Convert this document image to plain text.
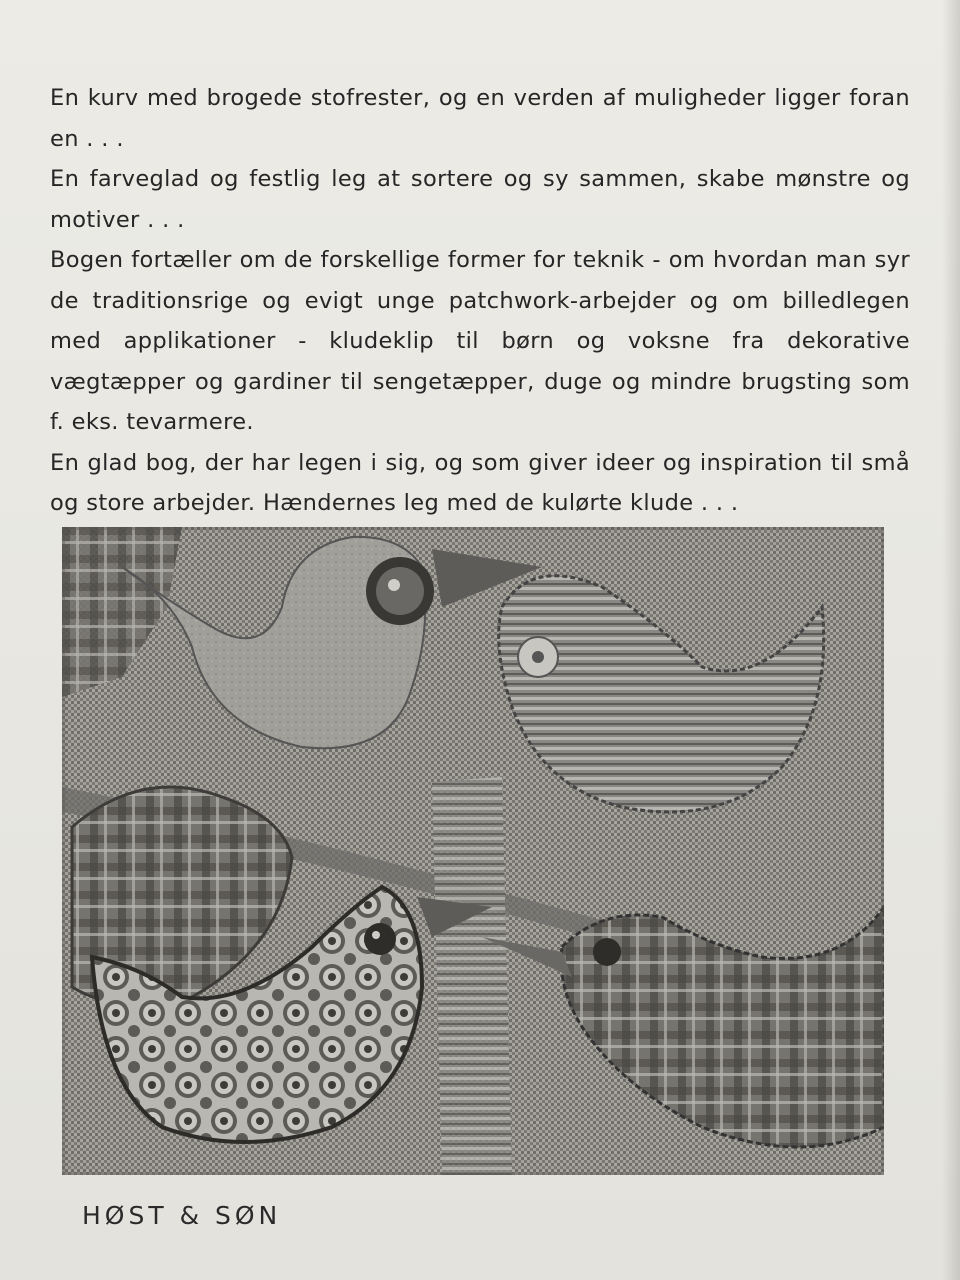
En kurv med brogede stofrester, og en verden af muligheder ligger foran en . . .

En farveglad og festlig leg at sortere og sy sammen, skabe mønstre og motiver . . .

Bogen fortæller om de forskellige former for teknik - om hvordan man syr de traditionsrige og evigt unge patchwork-arbejder og om billedlegen med applikationer - kludeklip til børn og voksne fra dekorative vægtæpper og gardiner til sengetæpper, duge og mindre brugsting som f. eks. tevarmere.

En glad bog, der har legen i sig, og som giver ideer og inspiration til små og store arbejder. Hændernes leg med de kulørte klude . . .

HØST & SØN
